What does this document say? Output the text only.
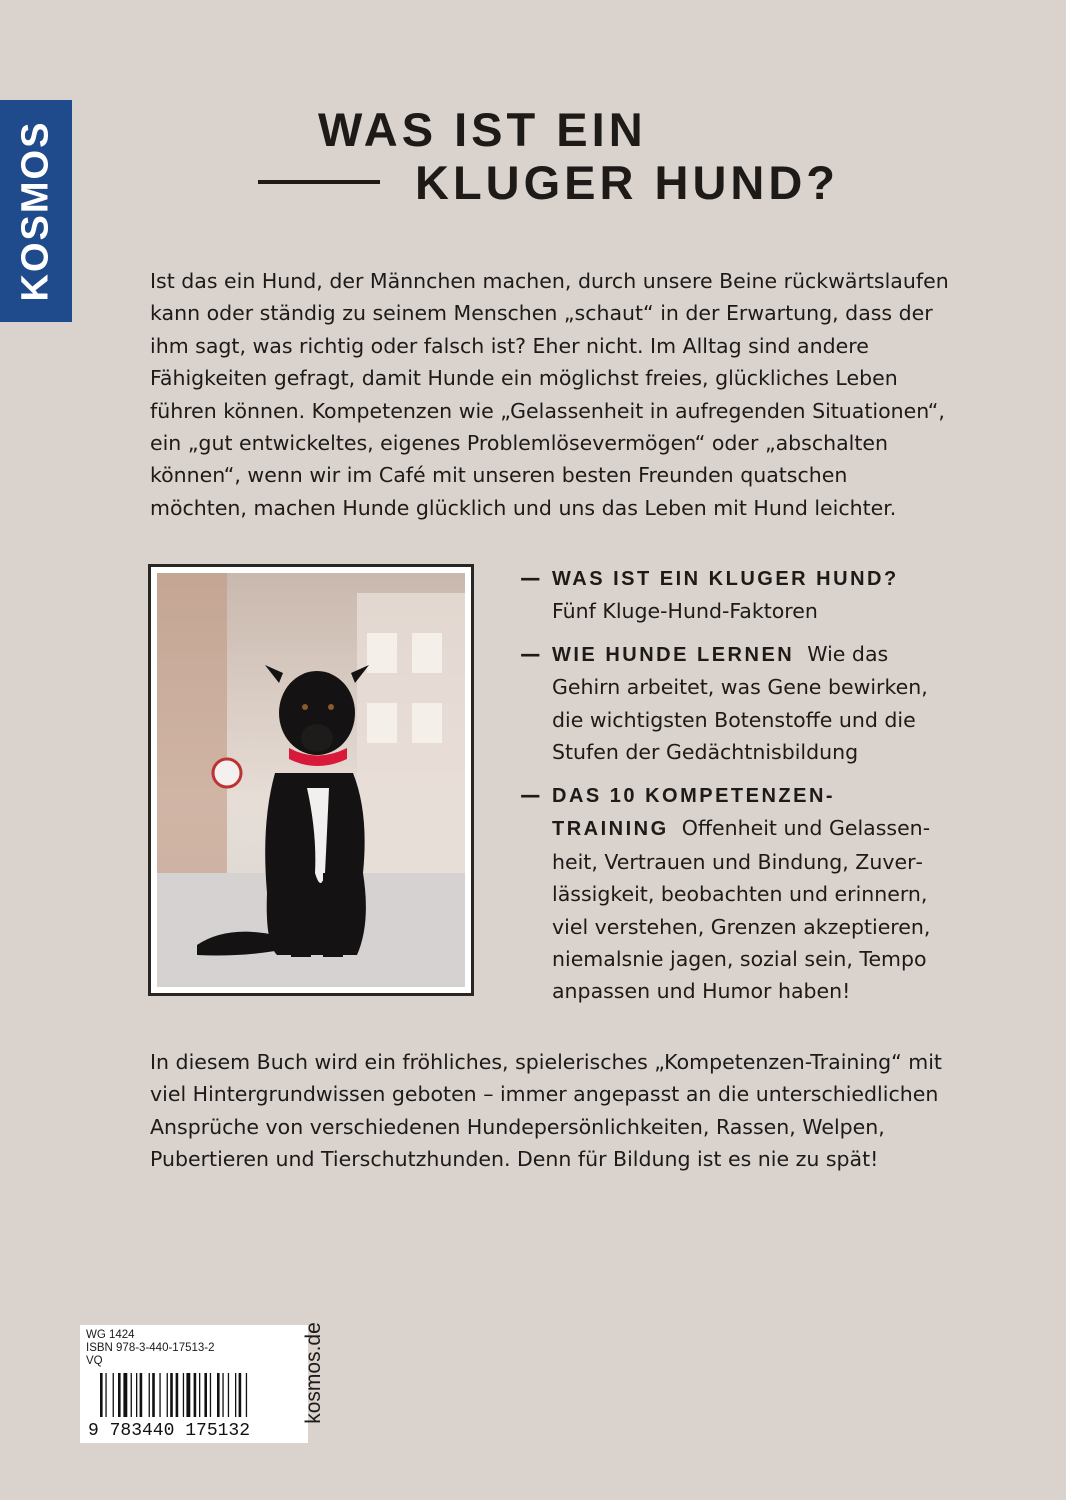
KOSMOS	WAS IST EIN
KLUGER HUND?

Ist das ein Hund, der Männchen machen, durch unsere Beine rückwärtslaufen kann oder ständig zu seinem Menschen „schaut“ in der Erwartung, dass der ihm sagt, was richtig oder falsch ist? Eher nicht. Im Alltag sind andere Fähigkeiten gefragt, damit Hunde ein möglichst freies, glückliches Leben führen können. Kompetenzen wie „Gelassenheit in aufregenden Situationen“, ein „gut entwickeltes, eigenes Problemlösevermögen“ oder „abschalten können“, wenn wir im Café mit unseren besten Freunden quatschen möchten, machen Hunde glücklich und uns das Leben mit Hund leichter.

— WAS IST EIN KLUGER HUND?
Fünf Kluge-Hund-Faktoren
— WIE HUNDE LERNEN Wie das Gehirn arbeitet, was Gene bewirken, die wichtigsten Botenstoffe und die Stufen der Gedächtnisbildung
— DAS 10 KOMPETENZEN-TRAINING Offenheit und Gelassenheit, Vertrauen und Bindung, Zuverlässigkeit, beobachten und erinnern, viel verstehen, Grenzen akzeptieren, niemalsnie jagen, sozial sein, Tempo anpassen und Humor haben!

In diesem Buch wird ein fröhliches, spielerisches „Kompetenzen-Training“ mit viel Hintergrundwissen geboten – immer angepasst an die unterschiedlichen Ansprüche von verschiedenen Hundepersönlichkeiten, Rassen, Welpen, Pubertieren und Tierschutzhunden. Denn für Bildung ist es nie zu spät!

WG 1424
ISBN 978-3-440-17513-2
VQ
9 783440 175132
kosmos.de
